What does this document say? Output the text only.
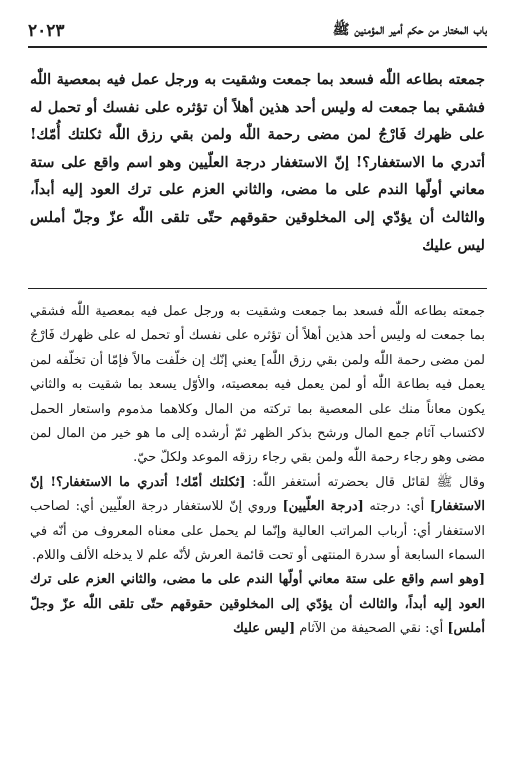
باب المختار من حكم أمير المؤمنين ﷺ
٢٠٢٣

جمعته بطاعه اللّٰه فسعد بما جمعت وشقيت به ورجل عمل فيه بمعصية اللّٰه فشقي بما جمعت له وليس أحد هذين أهلاً أن تؤثره على نفسك أو تحمل له على ظهرك فَارْجُ لمن مضى رحمة اللّٰه ولمن بقي رزق اللّٰه ثكلتك أُمّك! أتدري ما الاستغفار؟! إنّ الاستغفار درجة العلّيين وهو اسم واقع على ستة معاني أولّها الندم على ما مضى، والثاني العزم على ترك العود إليه أبداً، والثالث أن يؤدّي إلى المخلوقين حقوقهم حتّى تلقى اللّٰه عزّ وجلّ أملس ليس عليك

جمعته بطاعه اللّٰه فسعد بما جمعت وشقيت به ورجل عمل فيه بمعصية اللّٰه فشقي بما جمعت له وليس أحد هذين أهلاً أن تؤثره على نفسك أو تحمل له على ظهرك فَارْجُ لمن مضى رحمة اللّٰه ولمن بقي رزق اللّٰه] يعني إنّك إن خلّفت مالاً فإمّا أن تخلّفه لمن يعمل فيه بطاعة اللّٰه أو لمن يعمل فيه بمعصيته، والأوّل يسعد بما شقيت به والثاني يكون معاناً منك على المعصية بما تركته من المال وكلاهما مذموم واستعار الحمل لاكتساب آثام جمع المال ورشح بذكر الظهر ثمّ أرشده إلى ما هو خير من المال لمن مضى وهو رجاء رحمة اللّٰه ولمن بقي رجاء رزقه الموعد ولكلّ حيّ.

وقال ﷺ لقائل قال بحضرته أستغفر اللّٰه: [ثكلتك أمّك! أتدري ما الاستغفار؟! إنّ الاستغفار] أي: درجته [درجة العلّيين] وروي إنّ للاستغفار درجة العلّيين أي: لصاحب الاستغفار أي: أرباب المراتب العالية وإنّما لم يحمل على معناه المعروف من أنّه في السماء السابعة أو سدرة المنتهى أو تحت قائمة العرش لأنّه علم لا يدخله الألف واللام.

[وهو اسم واقع على ستة معاني أولّها الندم على ما مضى، والثاني العزم على ترك العود إليه أبداً، والثالث أن يؤدّي إلى المخلوقين حقوقهم حتّى تلقى اللّٰه عزّ وجلّ أملس] أي: نقي الصحيفة من الآثام [ليس عليك
